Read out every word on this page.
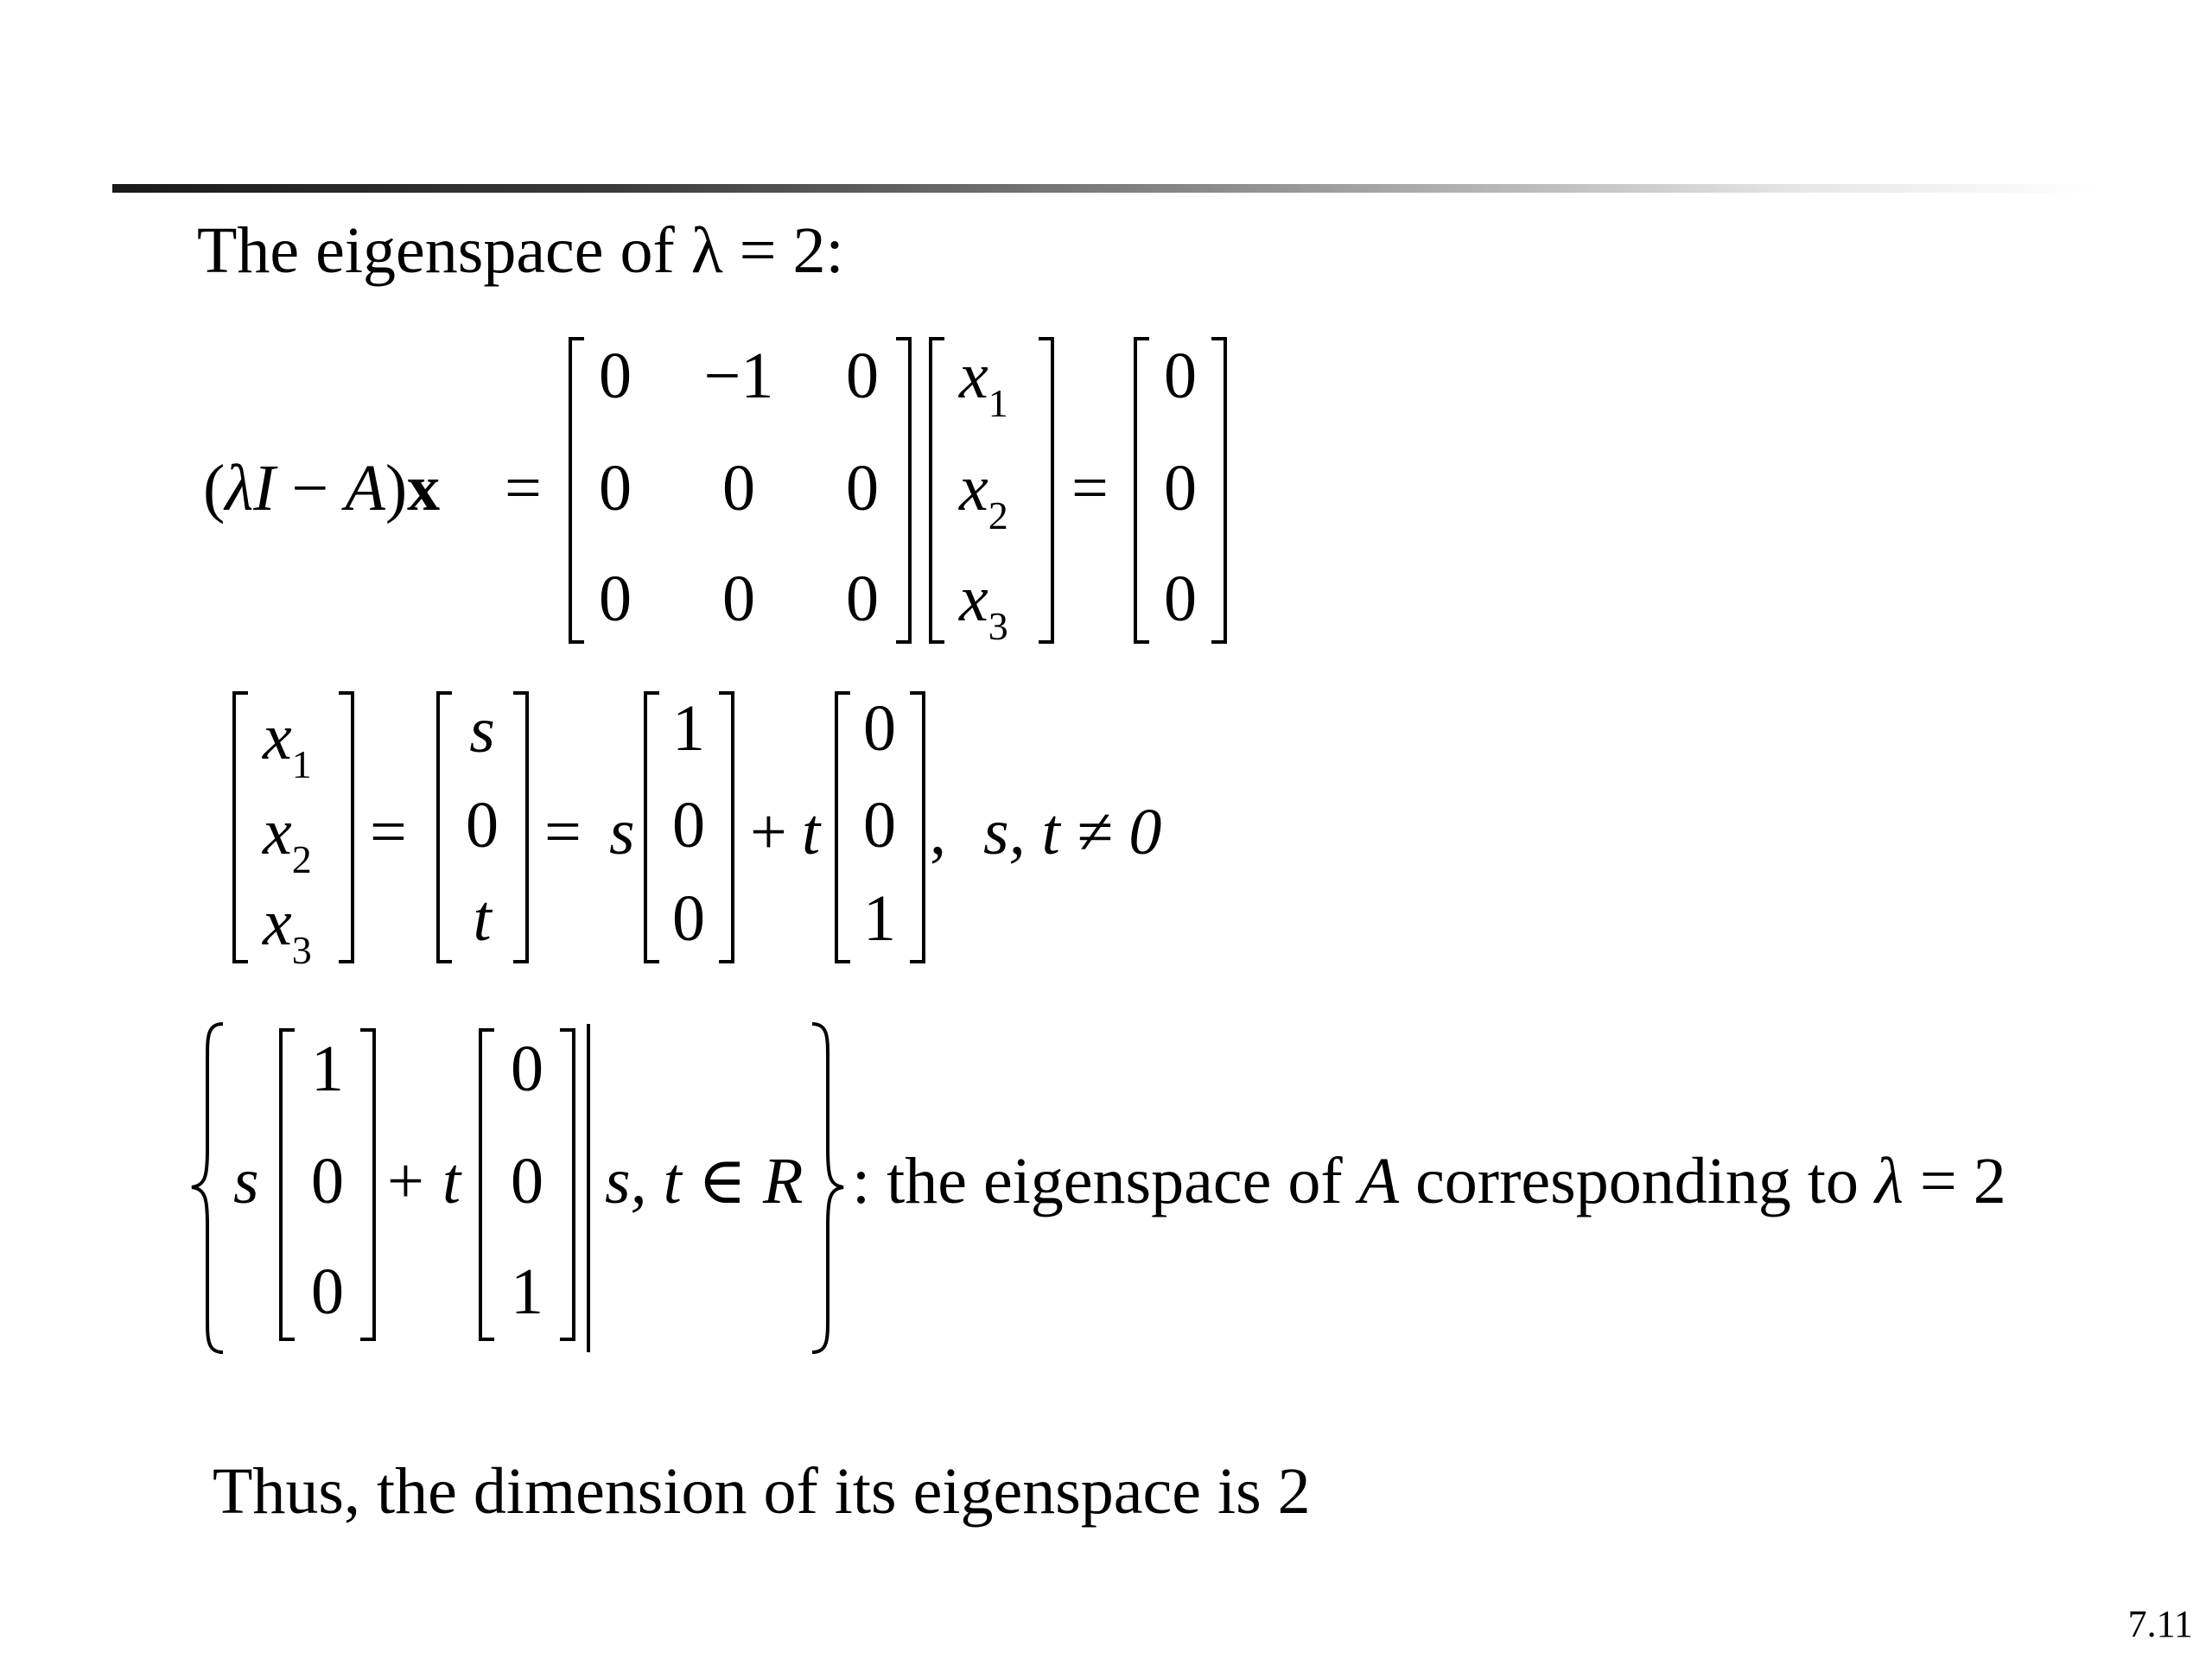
The eigenspace of λ = 2:
(λI − A)x =
0 −1 0
0 0 0
0 0 0
$x_1$
$x_2$
$x_3$
=
0
0
0
$x_1$
$x_2$
$x_3$
=
s
0
t
= s
1
0
0
+ t
0
0
1
, s, t ≠ 0
s
1
0
0
+ t
0
0
1
s, t ∈ R : the eigenspace of A corresponding to λ = 2
Thus, the dimension of its eigenspace is 2
7.11
